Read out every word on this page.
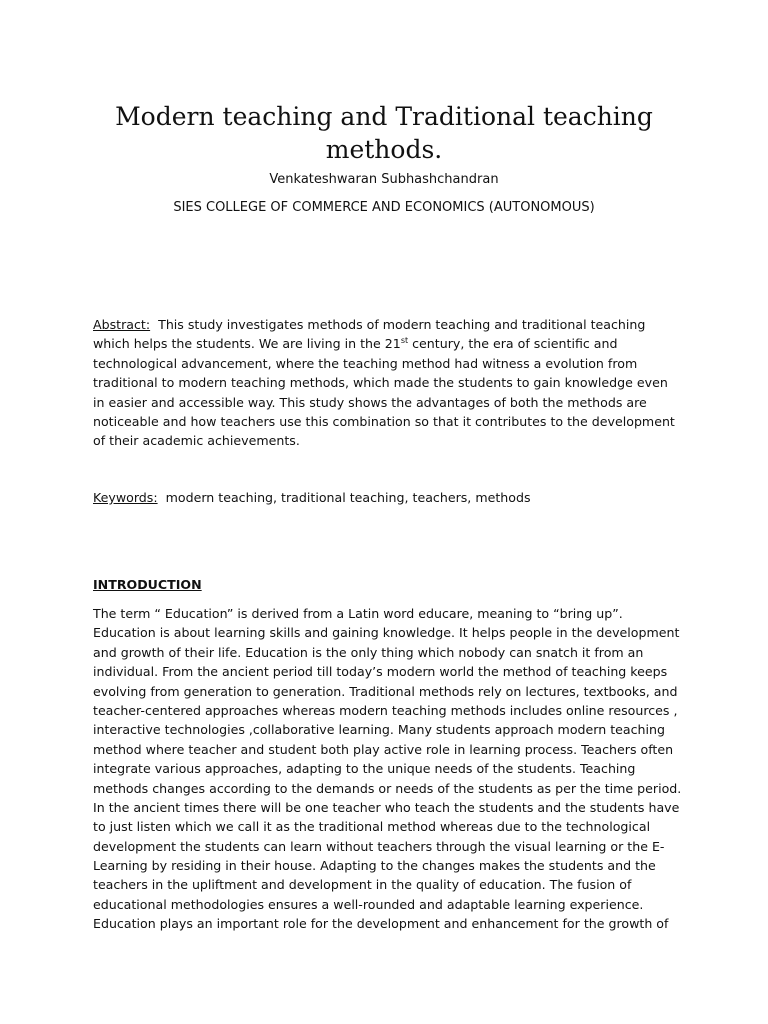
Modern teaching and Traditional teaching methods.
Venkateshwaran Subhashchandran
SIES COLLEGE OF COMMERCE AND ECONOMICS (AUTONOMOUS)
Abstract: This study investigates methods of modern teaching and traditional teaching which helps the students. We are living in the 21st century, the era of scientific and technological advancement, where the teaching method had witness a evolution from traditional to modern teaching methods, which made the students to gain knowledge even in easier and accessible way. This study shows the advantages of both the methods are noticeable and how teachers use this combination so that it contributes to the development of their academic achievements.
Keywords: modern teaching, traditional teaching, teachers, methods
INTRODUCTION
The term “ Education” is derived from a Latin word educare, meaning to “bring up”.
Education is about learning skills and gaining knowledge. It helps people in the development
and growth of their life. Education is the only thing which nobody can snatch it from an
individual. From the ancient period till today’s modern world the method of teaching keeps
evolving from generation to generation. Traditional methods rely on lectures, textbooks, and
teacher-centered approaches whereas modern teaching methods includes online resources ,
interactive technologies ,collaborative learning. Many students approach modern teaching
method where teacher and student both play active role in learning process. Teachers often
integrate various approaches, adapting to the unique needs of the students. Teaching
methods changes according to the demands or needs of the students as per the time period.
In the ancient times there will be one teacher who teach the students and the students have
to just listen which we call it as the traditional method whereas due to the technological
development the students can learn without teachers through the visual learning or the E-
Learning by residing in their house. Adapting to the changes makes the students and the
teachers in the upliftment and development in the quality of education. The fusion of
educational methodologies ensures a well-rounded and adaptable learning experience.
Education plays an important role for the development and enhancement for the growth of
